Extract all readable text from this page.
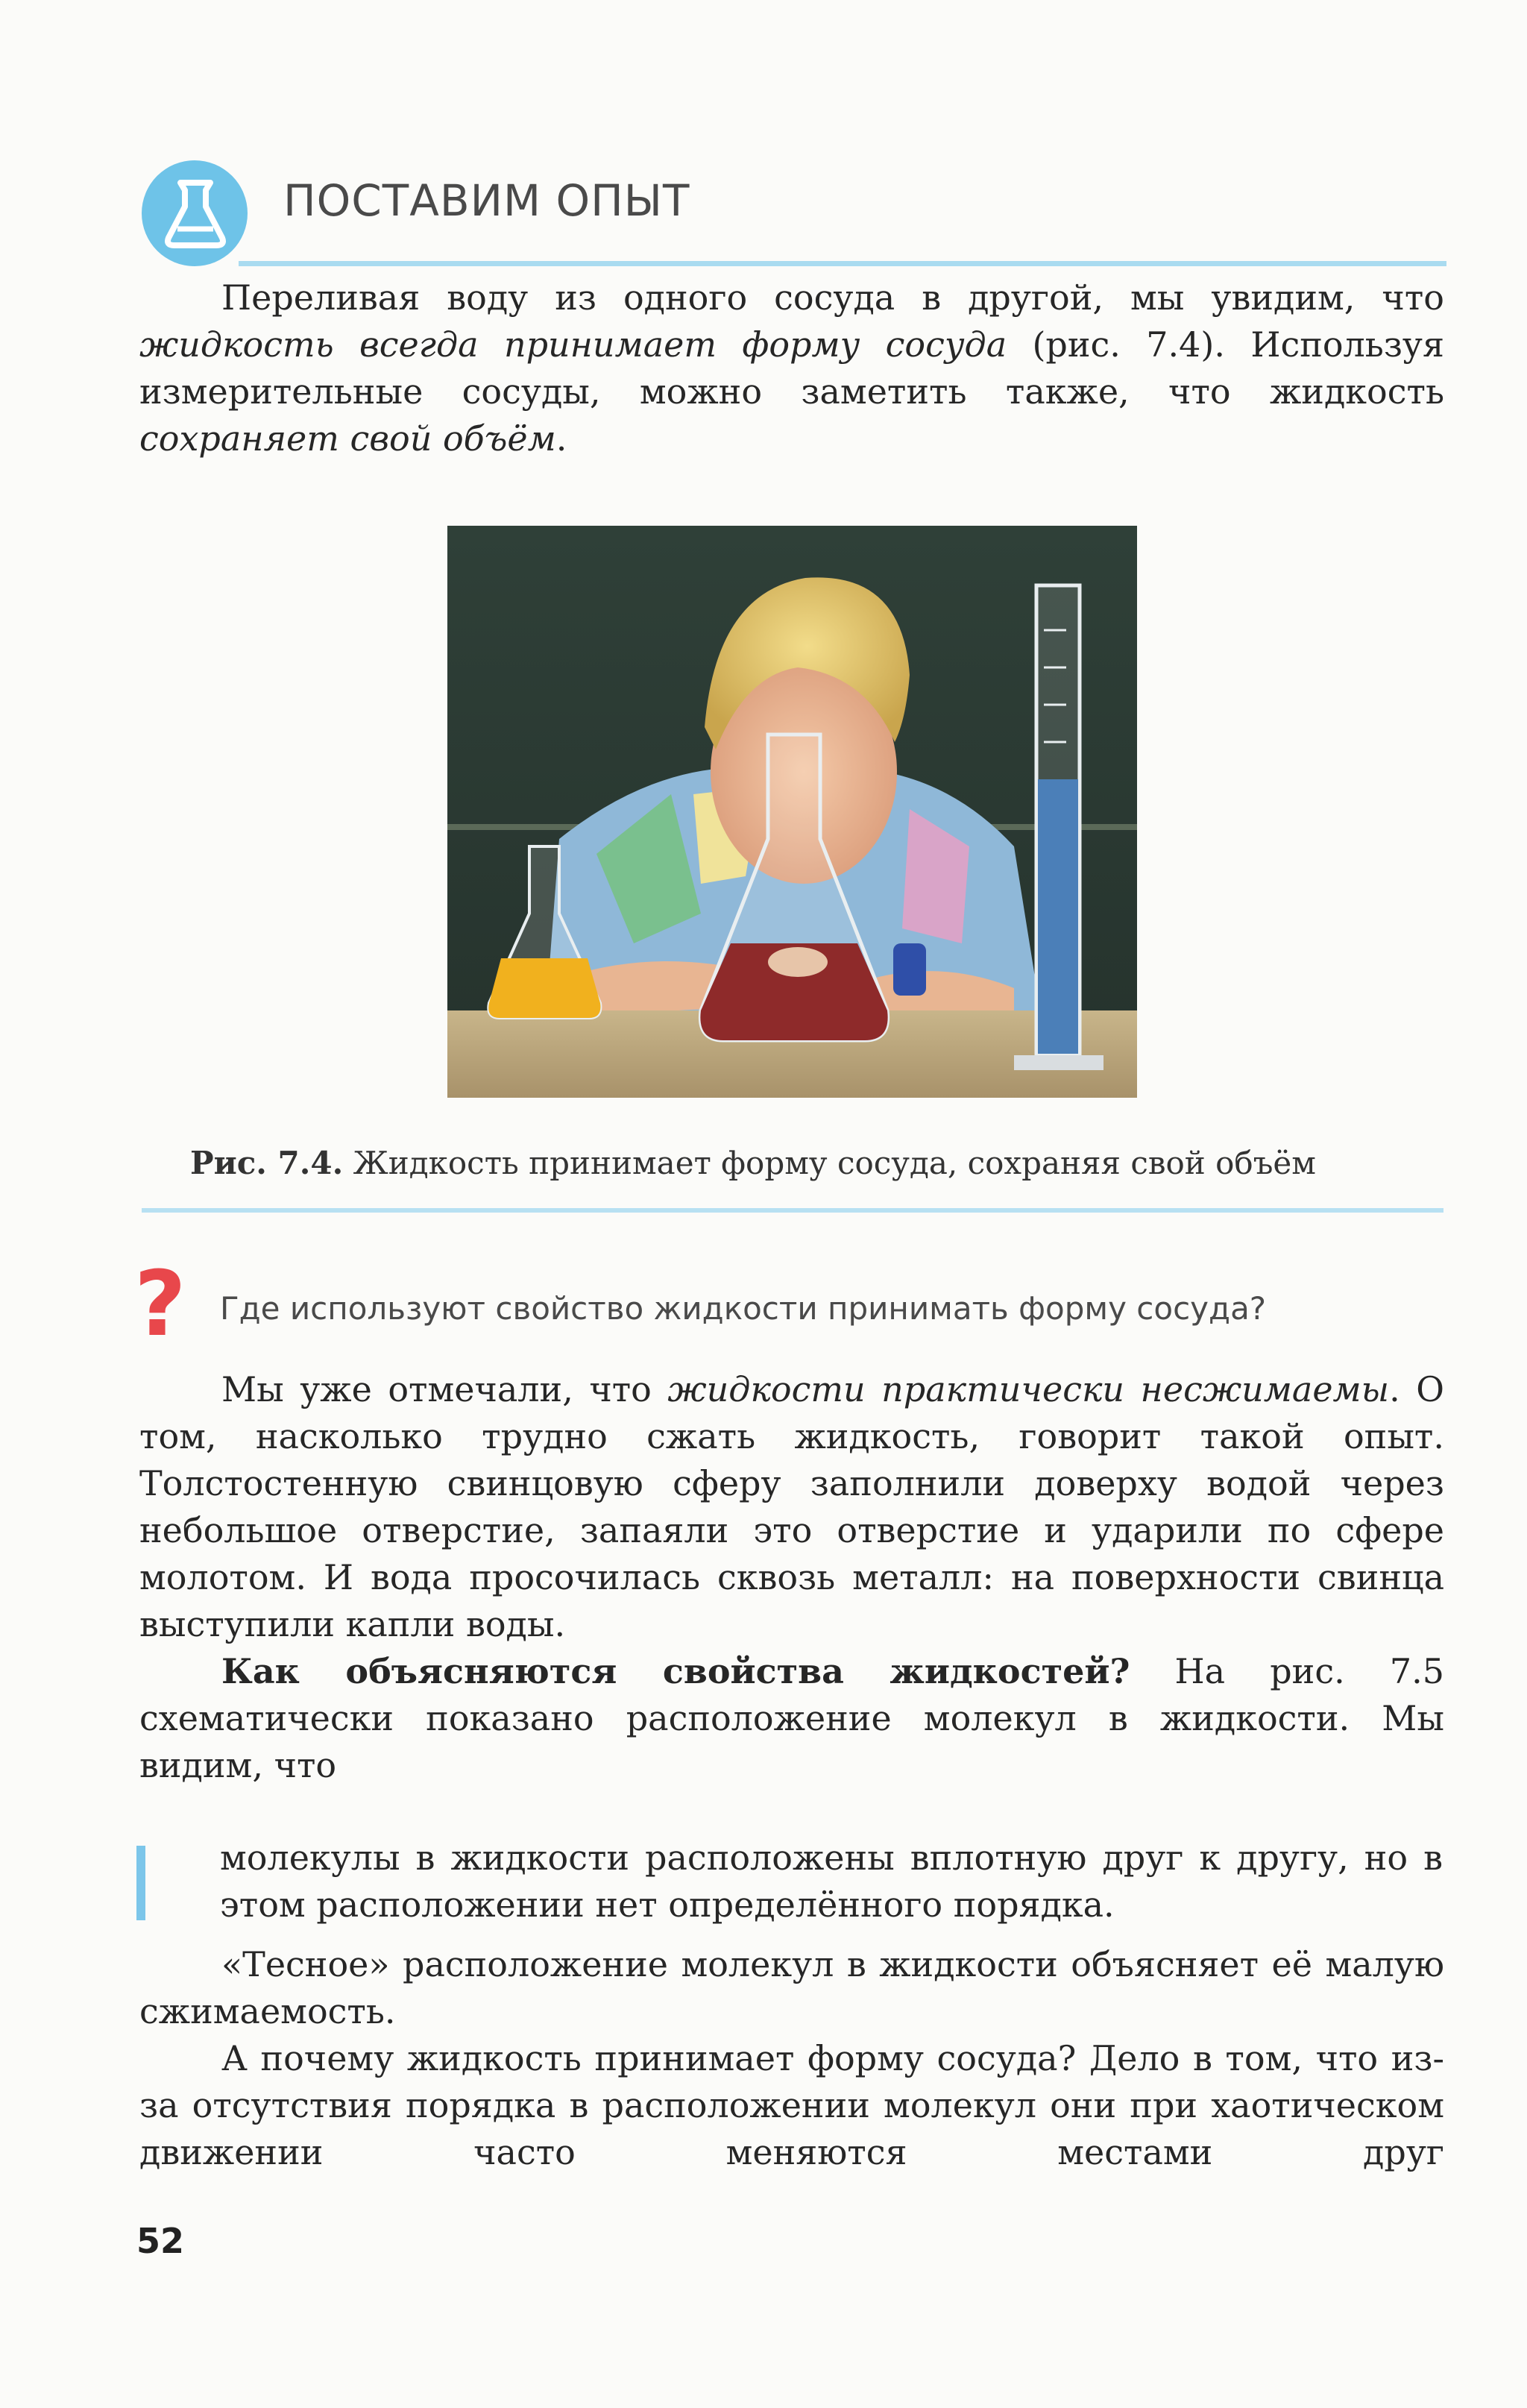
ПОСТАВИМ ОПЫТ

Переливая воду из одного сосуда в другой, мы увидим, что жидкость всегда принимает форму сосуда (рис. 7.4). Используя измерительные сосуды, можно заметить также, что жидкость сохраняет свой объём.

Рис. 7.4. Жидкость принимает форму сосуда, сохраняя свой объём
? Где используют свойство жидкости принимать форму сосуда?

Мы уже отмечали, что жидкости практически несжимаемы. О том, насколько трудно сжать жидкость, говорит такой опыт. Толстостенную свинцовую сферу заполнили доверху водой через небольшое отверстие, запаяли это отверстие и ударили по сфере молотом. И вода просочилась сквозь металл: на поверхности свинца выступили капли воды.

Как объясняются свойства жидкостей? На рис. 7.5 схематически показано расположение молекул в жидкости. Мы видим, что

молекулы в жидкости расположены вплотную друг к другу, но в этом расположении нет определённого порядка.

«Тесное» расположение молекул в жидкости объясняет её малую сжимаемость.

А почему жидкость принимает форму сосуда? Дело в том, что из-за отсутствия порядка в расположении молекул они при хаотическом движении часто меняются местами друг

52
